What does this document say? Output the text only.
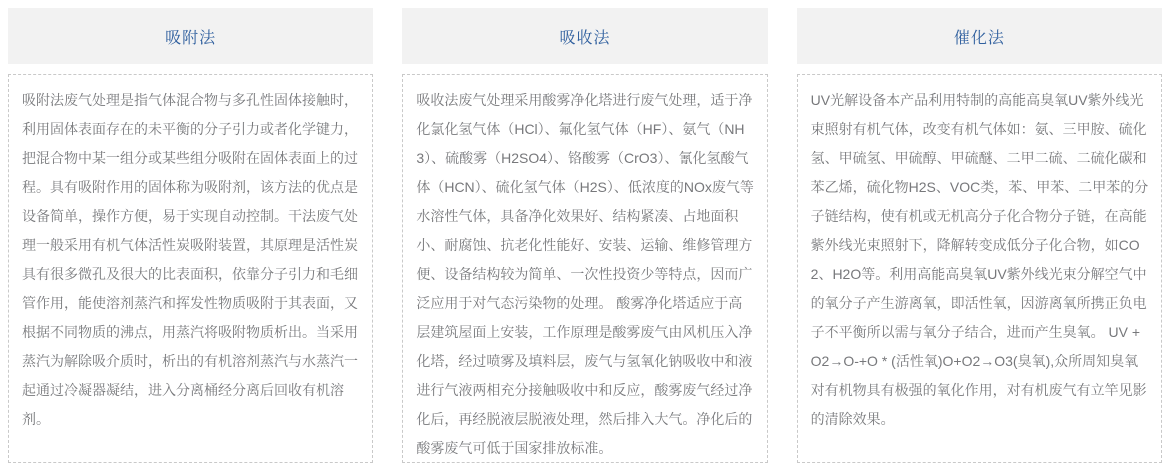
吸附法
吸附法废气处理是指气体混合物与多孔性固体接触时，利用固体表面存在的未平衡的分子引力或者化学键力，把混合物中某一组分或某些组分吸附在固体表面上的过程。具有吸附作用的固体称为吸附剂，该方法的优点是设备简单，操作方便，易于实现自动控制。干法废气处理一般采用有机气体活性炭吸附装置，其原理是活性炭具有很多微孔及很大的比表面积，依靠分子引力和毛细管作用，能使溶剂蒸汽和挥发性物质吸附于其表面，又根据不同物质的沸点，用蒸汽将吸附物质析出。当采用蒸汽为解除吸介质时，析出的有机溶剂蒸汽与水蒸汽一起通过冷凝器凝结，进入分离桶经分离后回收有机溶剂。
吸收法
吸收法废气处理采用酸雾净化塔进行废气处理，适于净化氯化氢气体（HCl）、氟化氢气体（HF）、氨气（NH3）、硫酸雾（H2SO4）、铬酸雾（CrO3）、氰化氢酸气体（HCN）、硫化氢气体（H2S）、低浓度的NOx废气等水溶性气体，具备净化效果好、结构紧凑、占地面积小、耐腐蚀、抗老化性能好、安装、运输、维修管理方便、设备结构较为简单、一次性投资少等特点，因而广泛应用于对气态污染物的处理。 酸雾净化塔适应于高层建筑屋面上安装，工作原理是酸雾废气由风机压入净化塔，经过喷雾及填料层，废气与氢氧化钠吸收中和液进行气液两相充分接触吸收中和反应，酸雾废气经过净化后，再经脱液层脱液处理，然后排入大气。净化后的酸雾废气可低于国家排放标准。
催化法
UV光解设备本产品利用特制的高能高臭氧UV紫外线光束照射有机气体，改变有机气体如：氨、三甲胺、硫化氢、甲硫氢、甲硫醇、甲硫醚、二甲二硫、二硫化碳和苯乙烯，硫化物H2S、VOC类，苯、甲苯、二甲苯的分子链结构，使有机或无机高分子化合物分子链，在高能紫外线光束照射下，降解转变成低分子化合物，如CO2、H2O等。利用高能高臭氧UV紫外线光束分解空气中的氧分子产生游离氧，即活性氧，因游离氧所携正负电子不平衡所以需与氧分子结合，进而产生臭氧。 UV + O2→O-+O * (活性氧)O+O2→O3(臭氧),众所周知臭氧对有机物具有极强的氧化作用，对有机废气有立竿见影的清除效果。
